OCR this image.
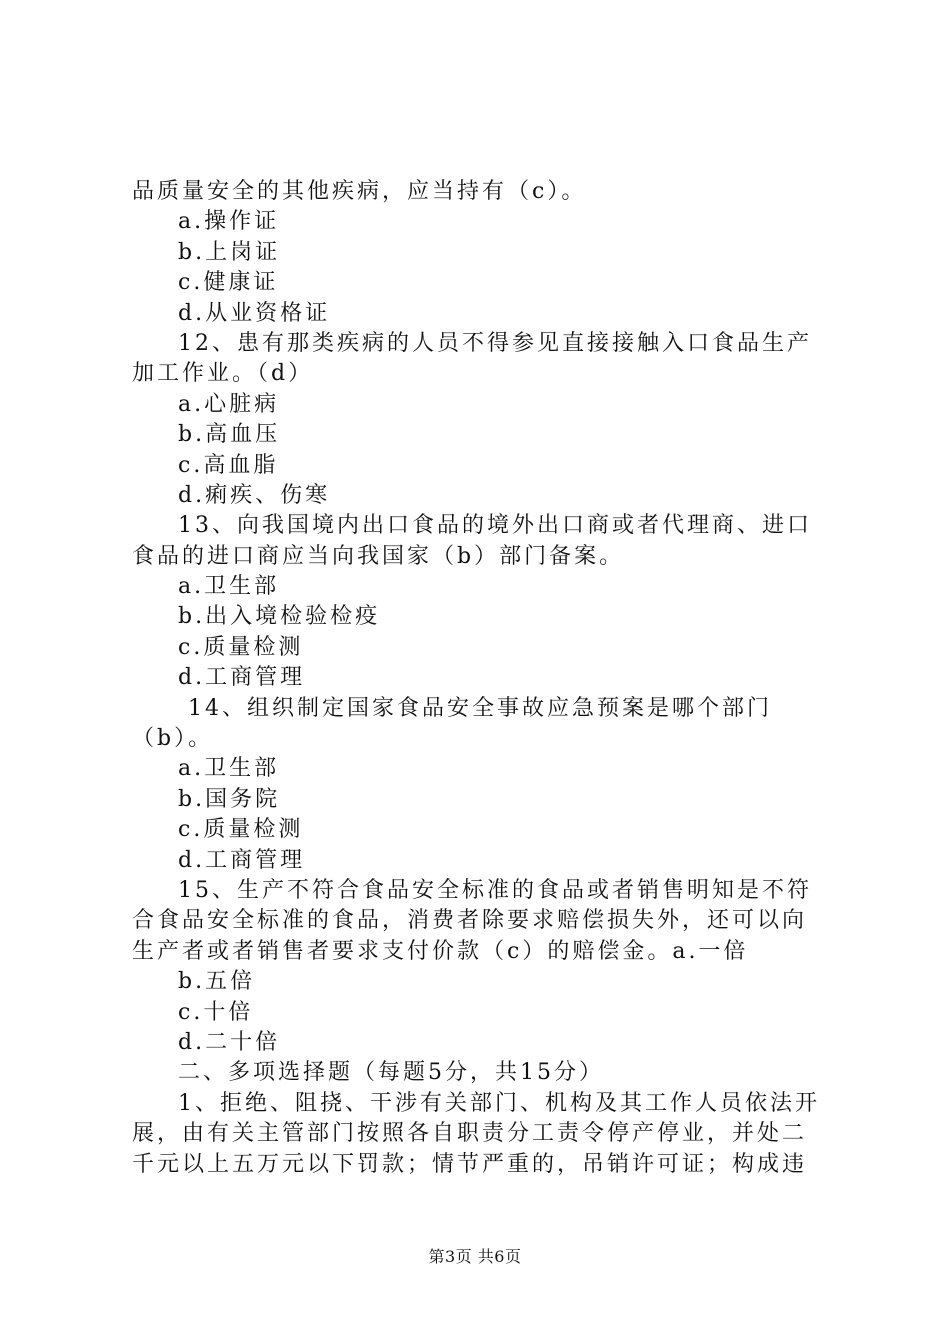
品质量安全的其他疾病，应当持有（c）。
a.操作证
b.上岗证
c.健康证
d.从业资格证
12、患有那类疾病的人员不得参见直接接触入口食品生产
加工作业。（d）
a.心脏病
b.高血压
c.高血脂
d.痢疾、伤寒
13、向我国境内出口食品的境外出口商或者代理商、进口
食品的进口商应当向我国家（b）部门备案。
a.卫生部
b.出入境检验检疫
c.质量检测
d.工商管理
14、组织制定国家食品安全事故应急预案是哪个部门
（b）。
a.卫生部
b.国务院
c.质量检测
d.工商管理
15、生产不符合食品安全标准的食品或者销售明知是不符
合食品安全标准的食品，消费者除要求赔偿损失外，还可以向
生产者或者销售者要求支付价款（c）的赔偿金。a.一倍
b.五倍
c.十倍
d.二十倍
二、多项选择题（每题5分，共15分）
1、拒绝、阻挠、干涉有关部门、机构及其工作人员依法开
展，由有关主管部门按照各自职责分工责令停产停业，并处二
千元以上五万元以下罚款；情节严重的，吊销许可证；构成违
第3页 共6页
